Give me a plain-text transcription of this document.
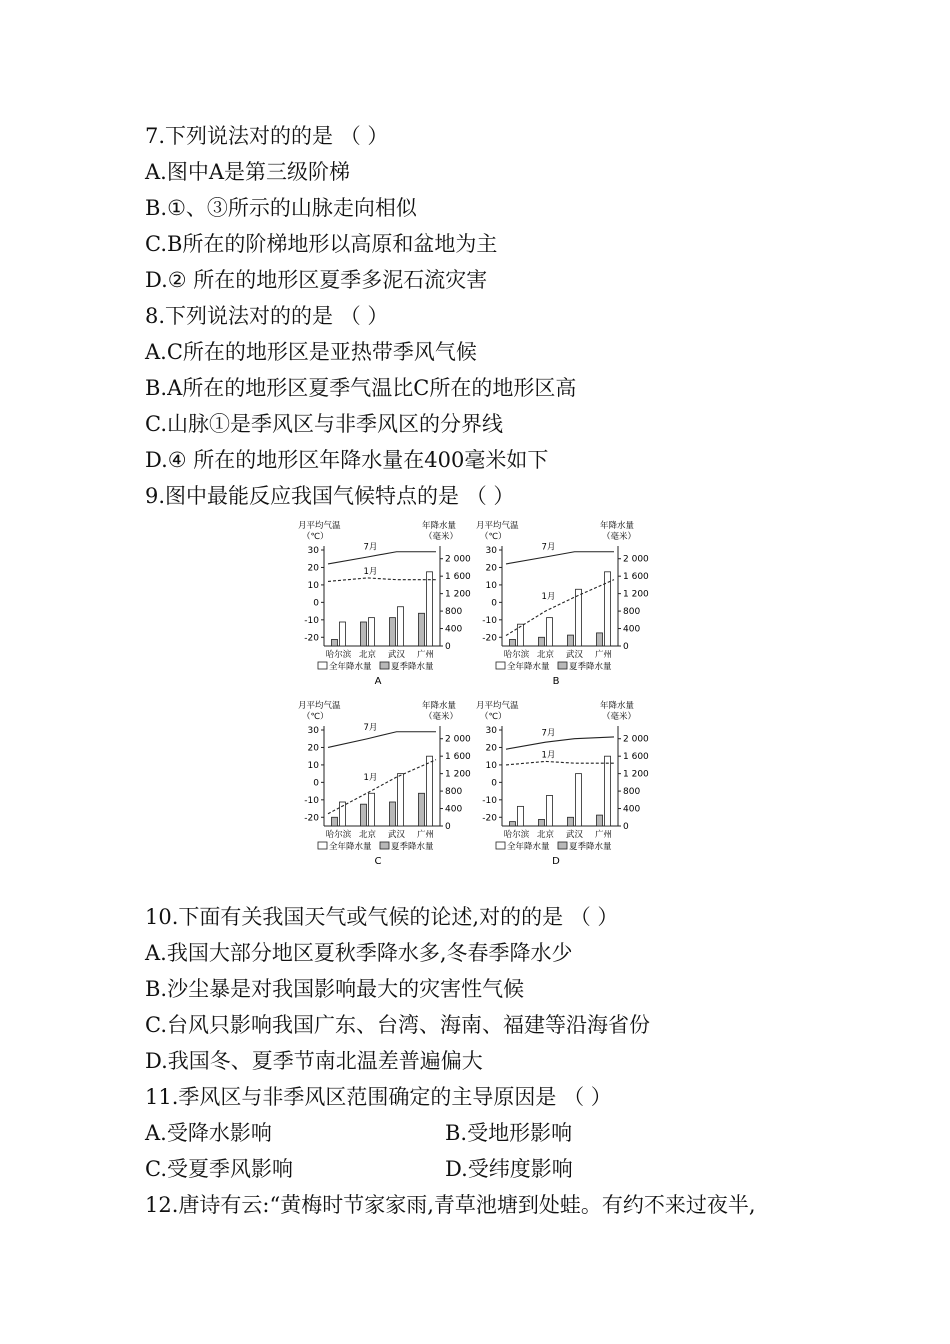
7.下列说法对的的是 （ ）
A.图中A是第三级阶梯
B.①、③所示的山脉走向相似
C.B所在的阶梯地形以高原和盆地为主
D.② 所在的地形区夏季多泥石流灾害
8.下列说法对的的是 （ ）
A.C所在的地形区是亚热带季风气候
B.A所在的地形区夏季气温比C所在的地形区高
C.山脉①是季风区与非季风区的分界线
D.④ 所在的地形区年降水量在400毫米如下
9.图中最能反应我国气候特点的是 （ ）
月平均气温
（℃）
年降水量
（毫米）
30
20
10
0
-10
-20
2 000
1 600
1 200
800
400
0
哈尔滨 北京 武汉 广州
7月
1月
全年降水量 夏季降水量
A
月平均气温
（℃）
年降水量
（毫米）
30
20
10
0
-10
-20
2 000
1 600
1 200
800
400
0
哈尔滨 北京 武汉 广州
7月
1月
全年降水量 夏季降水量
B
月平均气温
（℃）
年降水量
（毫米）
30
20
10
0
-10
-20
2 000
1 600
1 200
800
400
0
哈尔滨 北京 武汉 广州
7月
1月
全年降水量 夏季降水量
C
月平均气温
（℃）
年降水量
（毫米）
30
20
10
0
-10
-20
2 000
1 600
1 200
800
400
0
哈尔滨 北京 武汉 广州
7月
1月
全年降水量 夏季降水量
D
10.下面有关我国天气或气候的论述,对的的是 （ ）
A.我国大部分地区夏秋季降水多,冬春季降水少
B.沙尘暴是对我国影响最大的灾害性气候
C.台风只影响我国广东、台湾、海南、福建等沿海省份
D.我国冬、夏季节南北温差普遍偏大
11.季风区与非季风区范围确定的主导原因是 （ ）
A.受降水影响	B.受地形影响
C.受夏季风影响	D.受纬度影响
12.唐诗有云:“黄梅时节家家雨,青草池塘到处蛙。有约不来过夜半,
